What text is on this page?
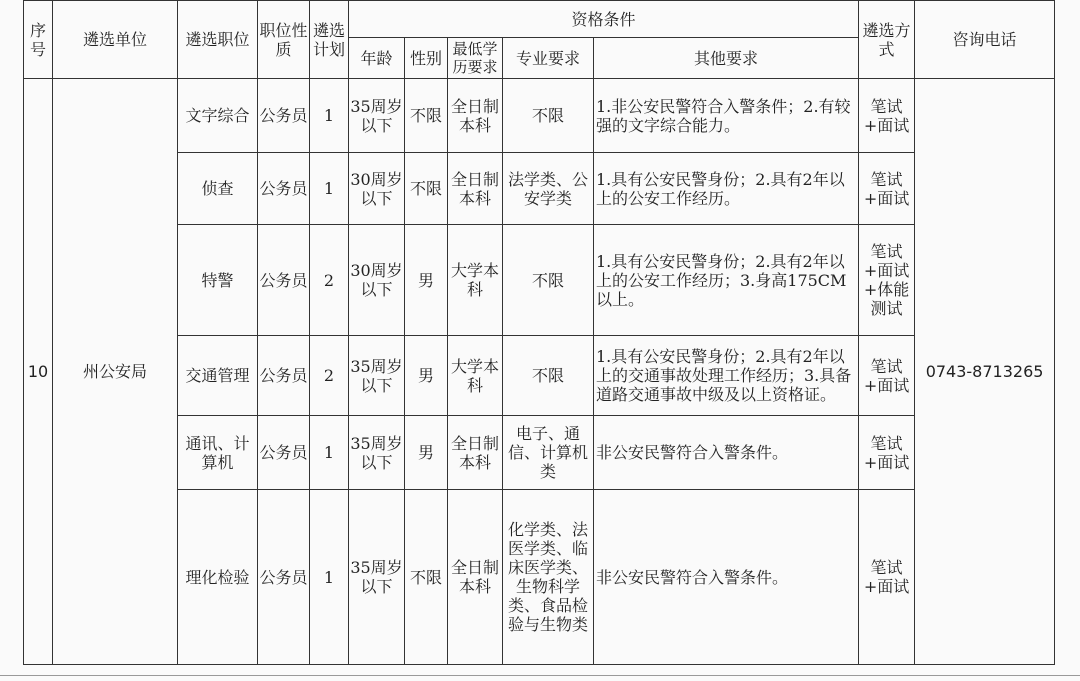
序号	遴选单位	遴选职位	职位性质	遴选计划	资格条件					遴选方式	咨询电话
					年龄	性别	最低学历要求	专业要求	其他要求		
10	州公安局	文字综合	公务员	1	35周岁以下	不限	全日制本科	不限	1.非公安民警符合入警条件；2.有较强的文字综合能力。	笔试+面试	0743-8713265
		侦查	公务员	1	30周岁以下	不限	全日制本科	法学类、公安学类	1.具有公安民警身份；2.具有2年以上的公安工作经历。	笔试+面试	
		特警	公务员	2	30周岁以下	男	大学本科	不限	1.具有公安民警身份；2.具有2年以上的公安工作经历；3.身高175CM以上。	笔试+面试+体能测试	
		交通管理	公务员	2	35周岁以下	男	大学本科	不限	1.具有公安民警身份；2.具有2年以上的交通事故处理工作经历；3.具备道路交通事故中级及以上资格证。	笔试+面试	
		通讯、计算机	公务员	1	35周岁以下	男	全日制本科	电子、通信、计算机类	非公安民警符合入警条件。	笔试+面试	
		理化检验	公务员	1	35周岁以下	不限	全日制本科	化学类、法医学类、临床医学类、生物科学类、食品检验与生物类	非公安民警符合入警条件。	笔试+面试	
